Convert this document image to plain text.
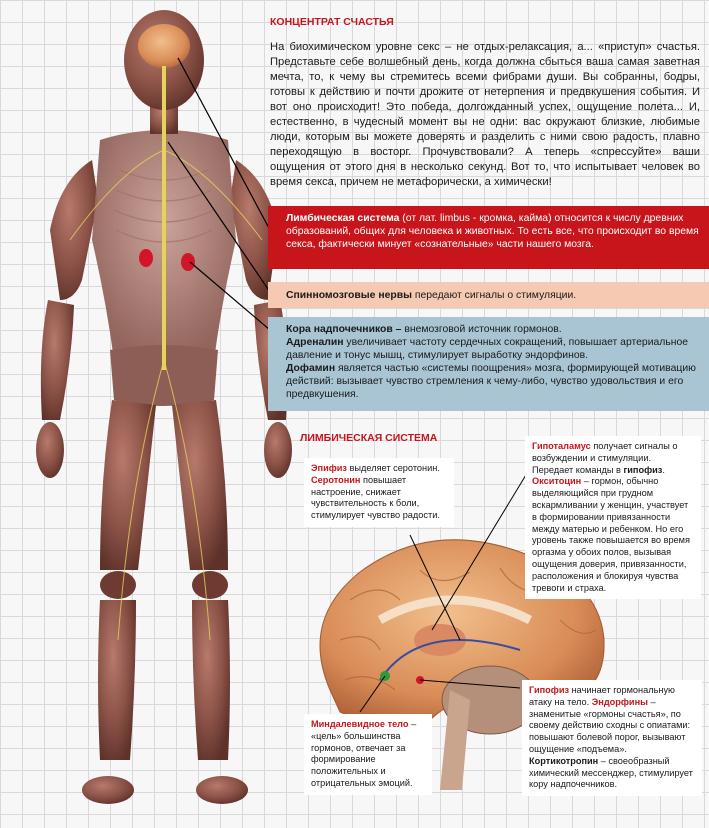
КОНЦЕНТРАТ СЧАСТЬЯ
На биохимическом уровне секс – не отдых-релаксация, а... «приступ» счастья. Представьте себе волшебный день, когда должна сбыться ваша самая заветная мечта, то, к чему вы стремитесь всеми фибрами души. Вы собранны, бодры, готовы к действию и почти дрожите от нетерпения и предвкушения события. И вот оно происходит! Это победа, долгожданный успех, ощущение полета... И, естественно, в чудесный момент вы не одни: вас окружают близкие, любимые люди, которым вы можете доверять и разделить с ними свою радость, плавно переходящую в восторг. Прочувствовали? А теперь «спрессуйте» ваши ощущения от этого дня в несколько секунд. Вот то, что испытывает человек во время секса, причем не метафорически, а химически!
Лимбическая система (от лат. limbus - кромка, кайма) относится к числу древних образований, общих для человека и животных. То есть все, что происходит во время секса, фактически минует «сознательные» части нашего мозга.
Спинномозговые нервы передают сигналы о стимуляции.
Кора надпочечников – внемозговой источник гормонов.
Адреналин увеличивает частоту сердечных сокращений, повышает артериальное давление и тонус мышц, стимулирует выработку эндорфинов.
Дофамин является частью «системы поощрения» мозга, формирующей мотивацию действий: вызывает чувство стремления к чему-либо, чувство удовольствия и его предвкушения.
ЛИМБИЧЕСКАЯ СИСТЕМА
Эпифиз выделяет серотонин. Серотонин повышает настроение, снижает чувствительность к боли, стимулирует чувство радости.
Гипоталамус получает сигналы о возбуждении и стимуляции. Передает команды в гипофиз. Окситоцин – гормон, обычно выделяющийся при грудном вскармливании у женщин, участвует в формировании привязанности между матерью и ребенком. Но его уровень также повышается во время оргазма у обоих полов, вызывая ощущения доверия, привязанности, расположения и блокируя чувства тревоги и страха.
Миндалевидное тело – «цель» большинства гормонов, отвечает за формирование положительных и отрицательных эмоций.
Гипофиз начинает гормональную атаку на тело. Эндорфины – знаменитые «гормоны счастья», по своему действию сходны с опиатами: повышают болевой порог, вызывают ощущение «подъема». Кортикотропин – своеобразный химический мессенджер, стимулирует кору надпочечников.
